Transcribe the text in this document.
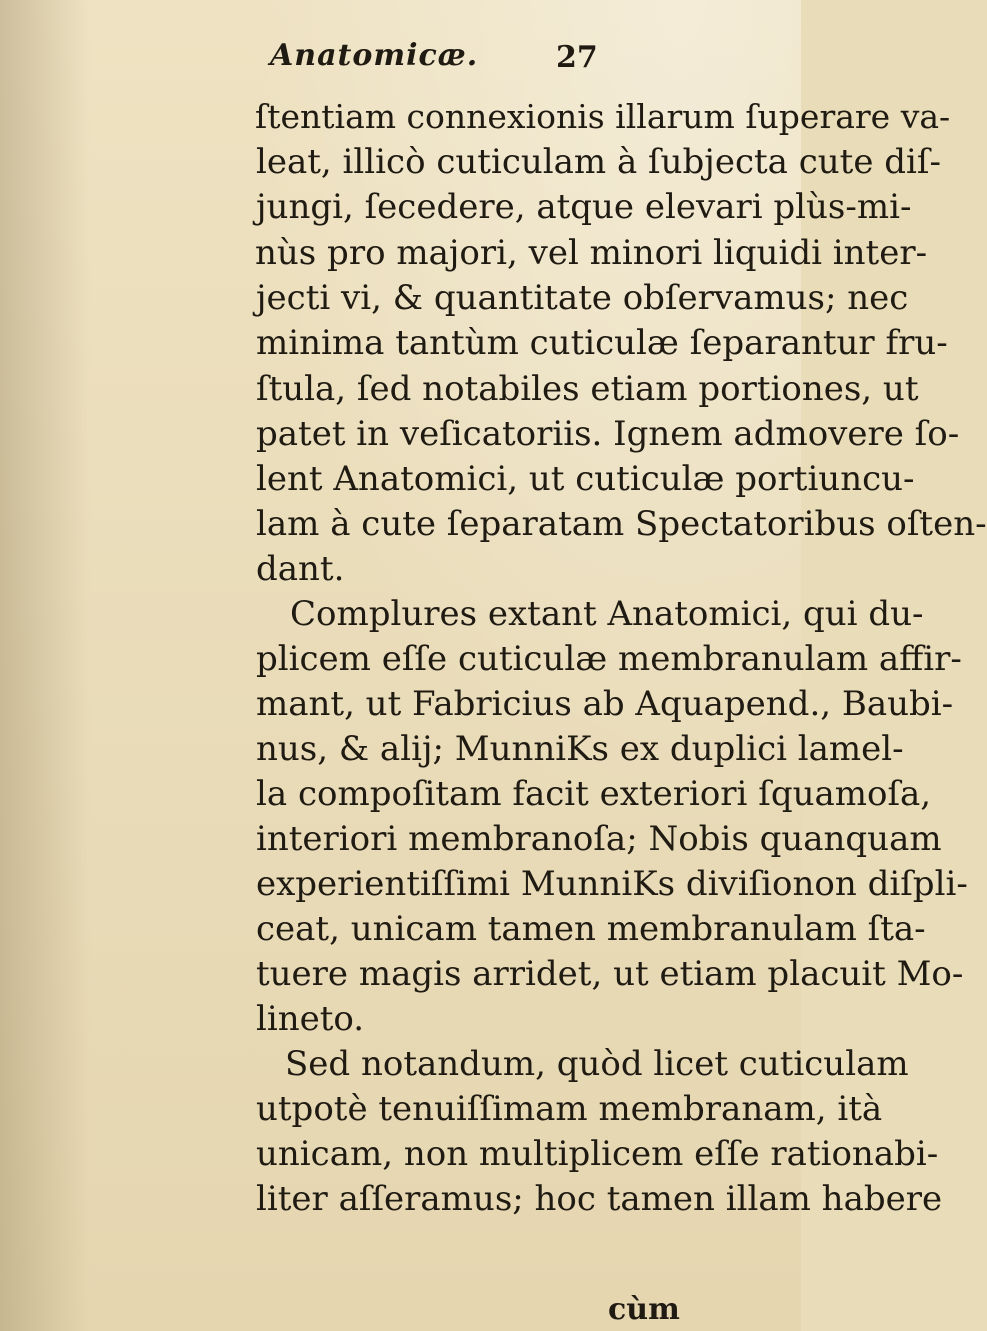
Anatomicæ.	27
ſtentiam connexionis illarum ſuperare va-
leat, illicò cuticulam à ſubjecta cute diſ-
jungi, ſecedere, atque elevari plùs-mi-
nùs pro majori, vel minori liquidi inter-
jecti vi, & quantitate obſervamus; nec
minima tantùm cuticulæ ſeparantur fru-
ſtula, ſed notabiles etiam portiones, ut
patet in veſicatoriis. Ignem admovere ſo-
lent Anatomici, ut cuticulæ portiuncu-
lam à cute ſeparatam Spectatoribus oſten-
dant.
Complures extant Anatomici, qui du-
plicem eſſe cuticulæ membranulam affir-
mant, ut Fabricius ab Aquapend., Baubi-
nus, & alij; MunniKs ex duplici lamel-
la compoſitam facit exteriori ſquamoſa,
interiori membranoſa; Nobis quanquam
experientiſſimi MunniKs diviſionon diſpli-
ceat, unicam tamen membranulam ſta-
tuere magis arridet, ut etiam placuit Mo-
lineto.
Sed notandum, quòd licet cuticulam
utpotè tenuiſſimam membranam, ità
unicam, non multiplicem eſſe rationabi-
liter aſſeramus; hoc tamen illam habere
cùm
